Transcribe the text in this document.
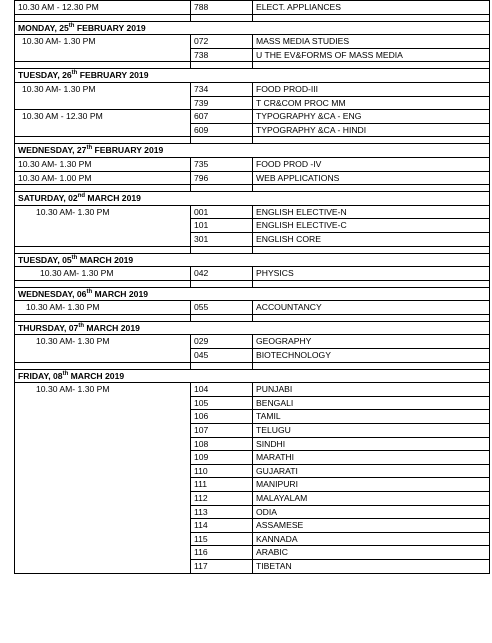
10.30 AM - 12.30 PM	788	ELECT. APPLIANCES

MONDAY, 25th FEBRUARY 2019		
10.30 AM- 1.30 PM	072	MASS MEDIA STUDIES
	738	U THE EV&FORMS OF MASS MEDIA

TUESDAY, 26th FEBRUARY 2019		
10.30 AM- 1.30 PM	734	FOOD PROD-III
	739	T CR&COM PROC MM
10.30 AM - 12.30 PM	607	TYPOGRAPHY &CA - ENG
	609	TYPOGRAPHY &CA - HINDI

WEDNESDAY, 27th FEBRUARY 2019		
10.30 AM- 1.30 PM	735	FOOD PROD -IV
10.30 AM- 1.00 PM	796	WEB APPLICATIONS

SATURDAY, 02nd MARCH 2019		
10.30 AM- 1.30 PM	001	ENGLISH ELECTIVE-N
	101	ENGLISH ELECTIVE-C
	301	ENGLISH CORE

TUESDAY, 05th MARCH 2019		
10.30 AM- 1.30 PM	042	PHYSICS

WEDNESDAY, 06th MARCH 2019		
10.30 AM- 1.30 PM	055	ACCOUNTANCY

THURSDAY, 07th MARCH 2019		
10.30 AM- 1.30 PM	029	GEOGRAPHY
	045	BIOTECHNOLOGY

FRIDAY, 08th MARCH 2019		
10.30 AM- 1.30 PM	104	PUNJABI
	105	BENGALI
	106	TAMIL
	107	TELUGU
	108	SINDHI
	109	MARATHI
	110	GUJARATI
	111	MANIPURI
	112	MALAYALAM
	113	ODIA
	114	ASSAMESE
	115	KANNADA
	116	ARABIC
	117	TIBETAN
